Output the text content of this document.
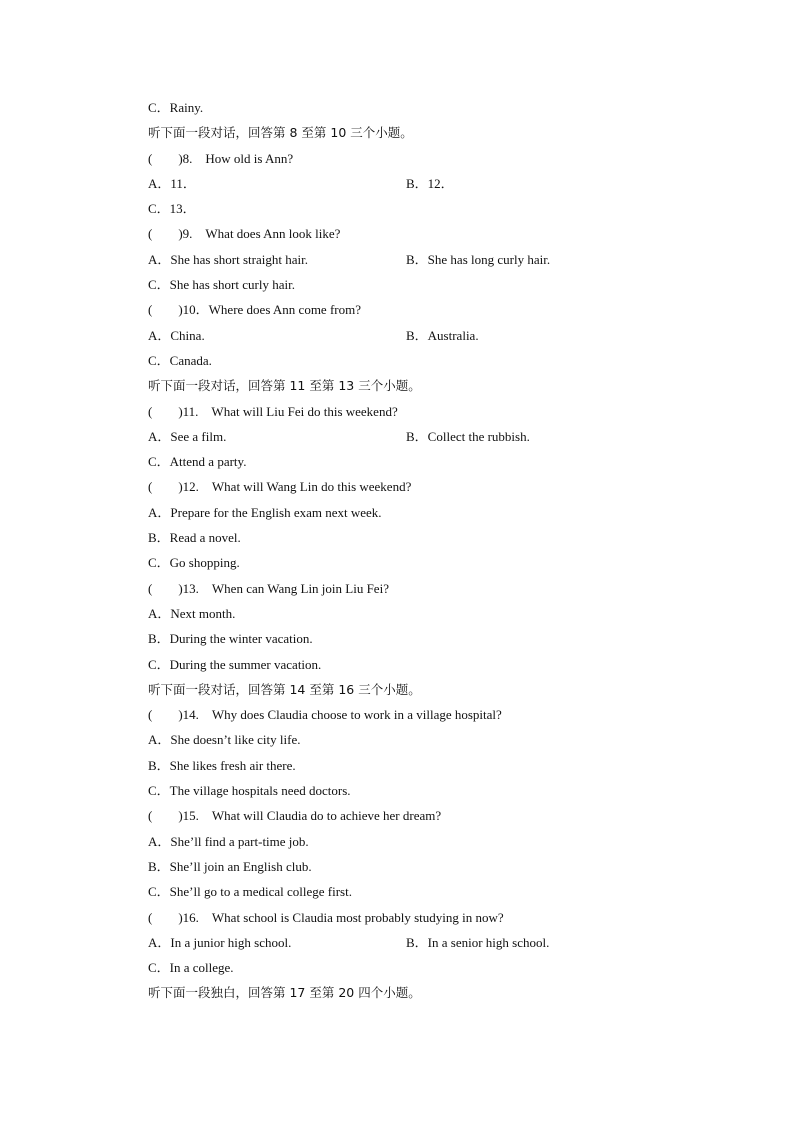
C．Rainy.
听下面一段对话，回答第 8 至第 10 三个小题。
(　　)8.　How old is Ann?
A．11．	B．12．
C．13．
(　　)9.　What does Ann look like?
A．She has short straight hair.	B．She has long curly hair.
C．She has short curly hair.
(　　)10．Where does Ann come from?
A．China.	B．Australia.
C．Canada.
听下面一段对话，回答第 11 至第 13 三个小题。
(　　)11.　What will Liu Fei do this weekend?
A．See a film.	B．Collect the rubbish.
C．Attend a party.
(　　)12.　What will Wang Lin do this weekend?
A．Prepare for the English exam next week.
B．Read a novel.
C．Go shopping.
(　　)13.　When can Wang Lin join Liu Fei?
A．Next month.
B．During the winter vacation.
C．During the summer vacation.
听下面一段对话，回答第 14 至第 16 三个小题。
(　　)14.　Why does Claudia choose to work in a village hospital?
A．She doesn’t like city life.
B．She likes fresh air there.
C．The village hospitals need doctors.
(　　)15.　What will Claudia do to achieve her dream?
A．She’ll find a part-time job.
B．She’ll join an English club.
C．She’ll go to a medical college first.
(　　)16.　What school is Claudia most probably studying in now?
A．In a junior high school.	B．In a senior high school.
C．In a college.
听下面一段独白，回答第 17 至第 20 四个小题。
